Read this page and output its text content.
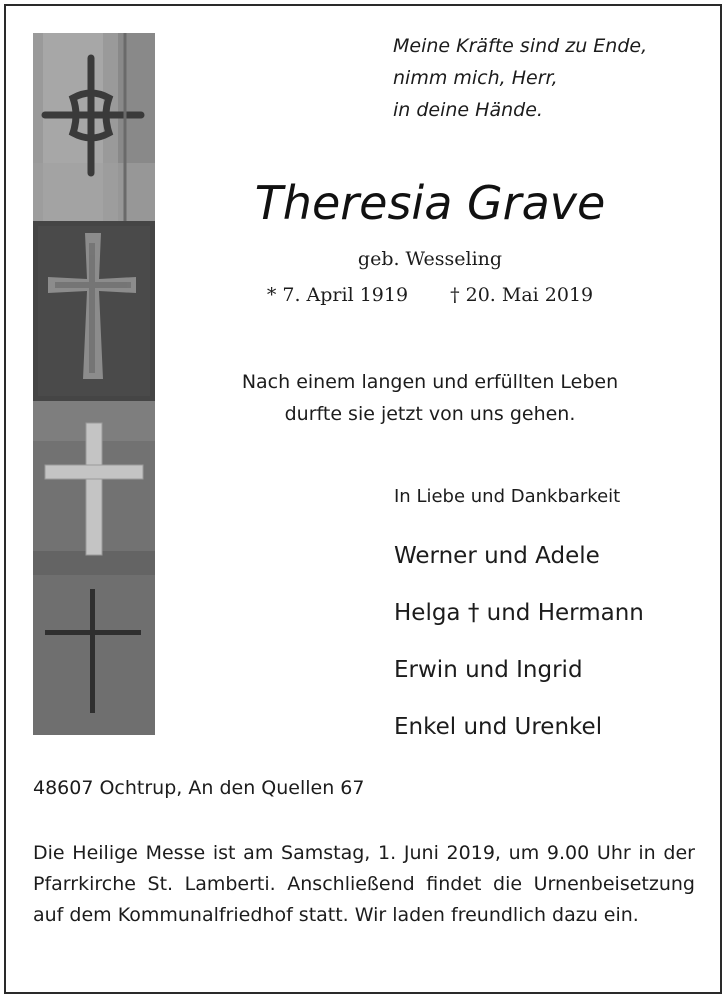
Meine Kräfte sind zu Ende,
nimm mich, Herr,
in deine Hände.
Theresia Grave
geb. Wesseling
* 7. April 1919 † 20. Mai 2019
Nach einem langen und erfüllten Leben
durfte sie jetzt von uns gehen.
In Liebe und Dankbarkeit
Werner und Adele
Helga † und Hermann
Erwin und Ingrid
Enkel und Urenkel
48607 Ochtrup, An den Quellen 67
Die Heilige Messe ist am Samstag, 1. Juni 2019, um 9.00 Uhr in der Pfarrkirche St. Lamberti. Anschließend findet die Urnenbeisetzung auf dem Kommunalfriedhof statt. Wir laden freundlich dazu ein.
